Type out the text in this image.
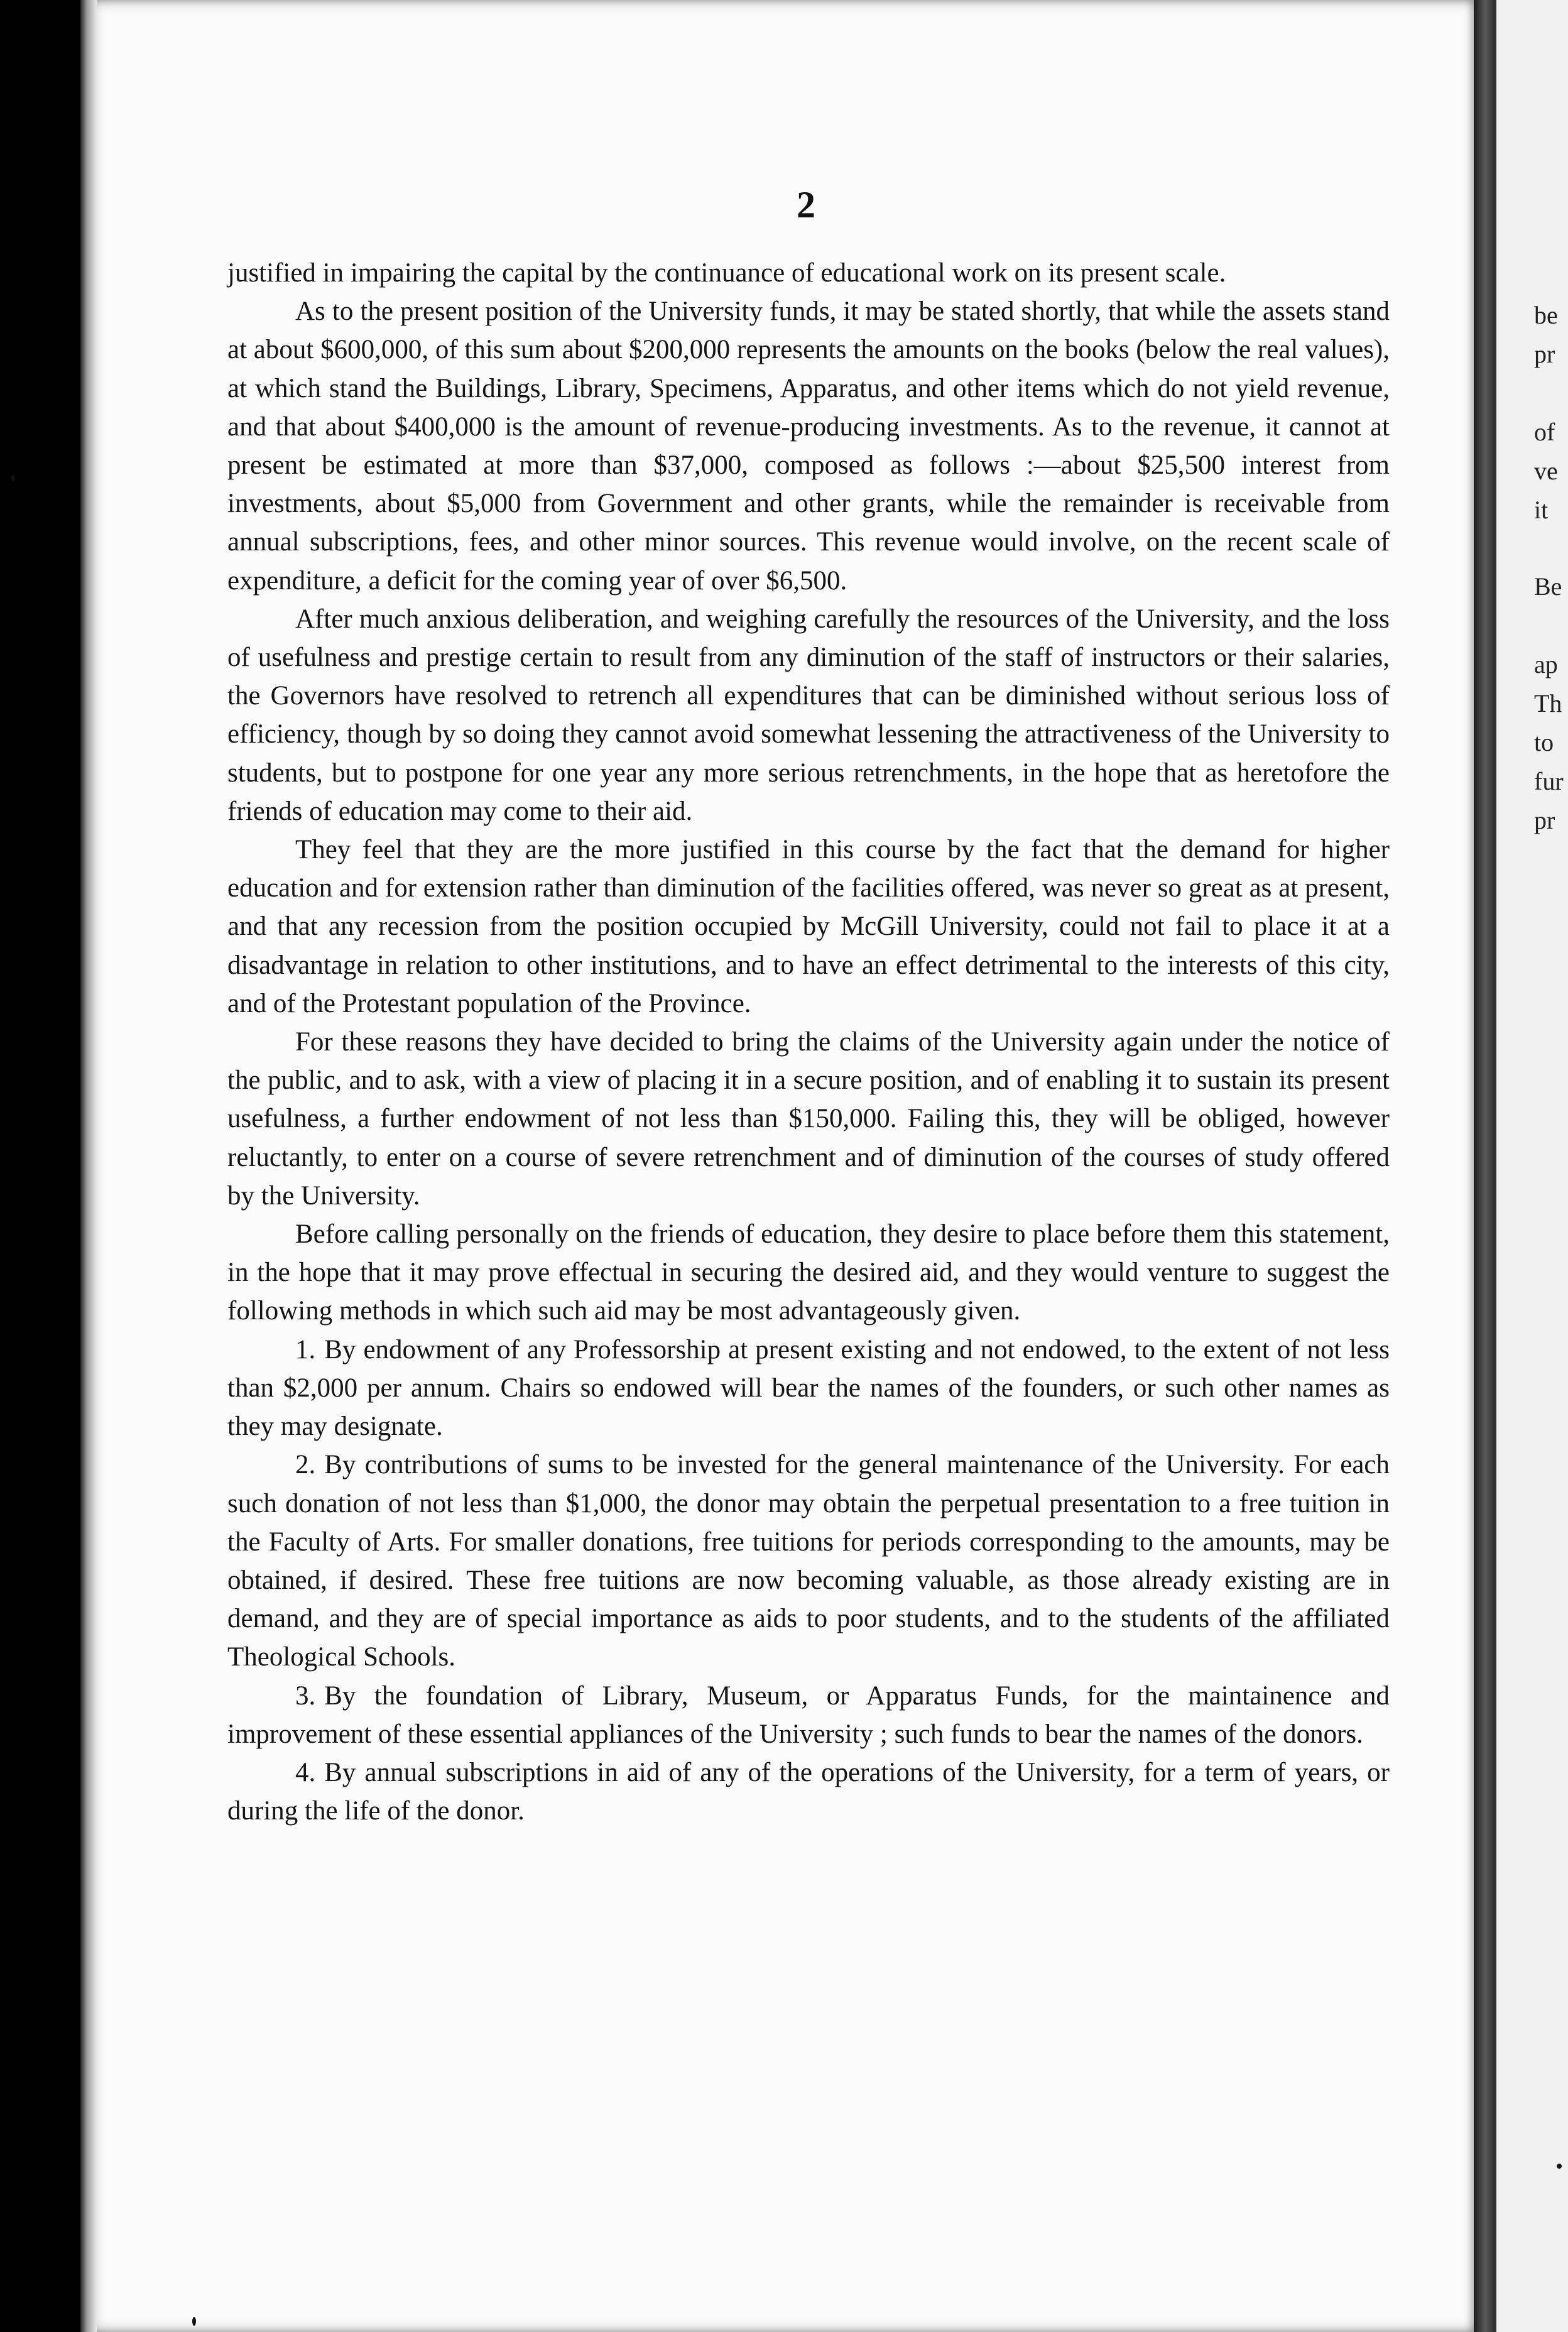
2

justified in impairing the capital by the continuance of educational work on its present scale.

As to the present position of the University funds, it may be stated shortly, that while the assets stand at about $600,000, of this sum about $200,000 represents the amounts on the books (below the real values), at which stand the Buildings, Library, Specimens, Apparatus, and other items which do not yield revenue, and that about $400,000 is the amount of revenue-producing investments. As to the revenue, it cannot at present be estimated at more than $37,000, composed as follows :—about $25,500 interest from investments, about $5,000 from Government and other grants, while the remainder is receivable from annual subscriptions, fees, and other minor sources. This revenue would involve, on the recent scale of expenditure, a deficit for the coming year of over $6,500.

After much anxious deliberation, and weighing carefully the resources of the University, and the loss of usefulness and prestige certain to result from any diminution of the staff of instructors or their salaries, the Governors have resolved to retrench all expenditures that can be diminished without serious loss of efficiency, though by so doing they cannot avoid somewhat lessening the attractiveness of the University to students, but to postpone for one year any more serious retrenchments, in the hope that as heretofore the friends of education may come to their aid.

They feel that they are the more justified in this course by the fact that the demand for higher education and for extension rather than diminution of the facilities offered, was never so great as at present, and that any recession from the position occupied by McGill University, could not fail to place it at a disadvantage in relation to other institutions, and to have an effect detrimental to the interests of this city, and of the Protestant population of the Province.

For these reasons they have decided to bring the claims of the University again under the notice of the public, and to ask, with a view of placing it in a secure position, and of enabling it to sustain its present usefulness, a further endowment of not less than $150,000. Failing this, they will be obliged, however reluctantly, to enter on a course of severe retrenchment and of diminution of the courses of study offered by the University.

Before calling personally on the friends of education, they desire to place before them this statement, in the hope that it may prove effectual in securing the desired aid, and they would venture to suggest the following methods in which such aid may be most advantageously given.

1. By endowment of any Professorship at present existing and not endowed, to the extent of not less than $2,000 per annum. Chairs so endowed will bear the names of the founders, or such other names as they may designate.

2. By contributions of sums to be invested for the general maintenance of the University. For each such donation of not less than $1,000, the donor may obtain the perpetual presentation to a free tuition in the Faculty of Arts. For smaller donations, free tuitions for periods corresponding to the amounts, may be obtained, if desired. These free tuitions are now becoming valuable, as those already existing are in demand, and they are of special importance as aids to poor students, and to the students of the affiliated Theological Schools.

3. By the foundation of Library, Museum, or Apparatus Funds, for the maintainence and improvement of these essential appliances of the University ; such funds to bear the names of the donors.

4. By annual subscriptions in aid of any of the operations of the University, for a term of years, or during the life of the donor.

be
pr
of
ve
it
Be
ap
Th
to
fur
pr
